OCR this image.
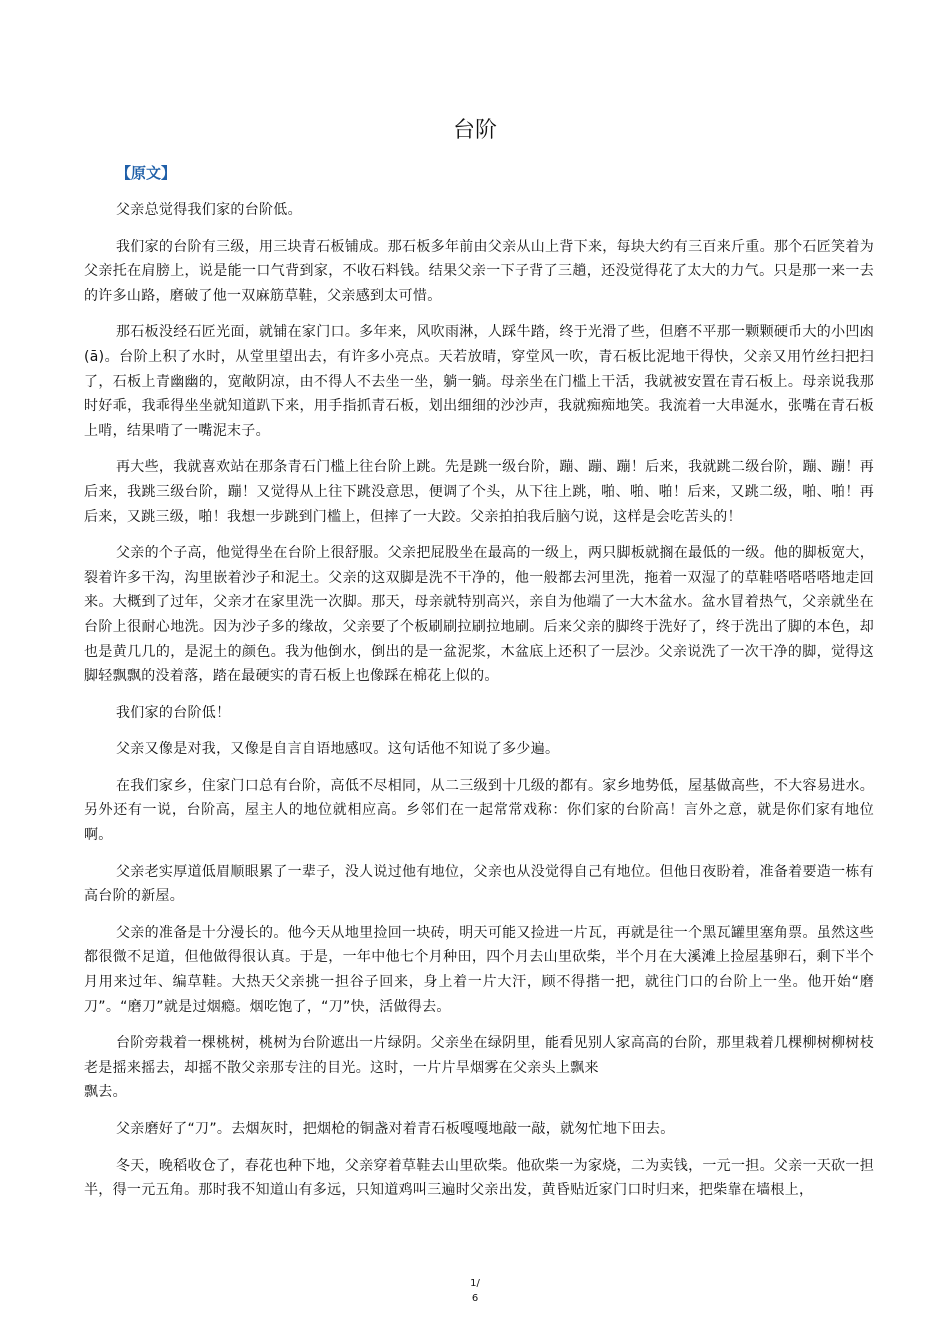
台阶
【原文】

父亲总觉得我们家的台阶低。

我们家的台阶有三级，用三块青石板铺成。那石板多年前由父亲从山上背下来，每块大约有三百来斤重。那个石匠笑着为父亲托在肩膀上，说是能一口气背到家，不收石料钱。结果父亲一下子背了三趟，还没觉得花了太大的力气。只是那一来一去的许多山路，磨破了他一双麻筋草鞋，父亲感到太可惜。

那石板没经石匠光面，就铺在家门口。多年来，风吹雨淋，人踩牛踏，终于光滑了些，但磨不平那一颗颗硬币大的小凹凼(ā)。台阶上积了水时，从堂里望出去，有许多小亮点。天若放晴，穿堂风一吹，青石板比泥地干得快，父亲又用竹丝扫把扫了，石板上青幽幽的，宽敞阴凉，由不得人不去坐一坐，躺一躺。母亲坐在门槛上干活，我就被安置在青石板上。母亲说我那时好乖，我乖得坐坐就知道趴下来，用手指抓青石板，划出细细的沙沙声，我就痴痴地笑。我流着一大串涎水，张嘴在青石板上啃，结果啃了一嘴泥末子。

再大些，我就喜欢站在那条青石门槛上往台阶上跳。先是跳一级台阶，蹦、蹦、蹦！后来，我就跳二级台阶，蹦、蹦！再后来，我跳三级台阶，蹦！又觉得从上往下跳没意思，便调了个头，从下往上跳，啪、啪、啪！后来，又跳二级，啪、啪！再后来，又跳三级，啪！我想一步跳到门槛上，但摔了一大跤。父亲拍拍我后脑勺说，这样是会吃苦头的！

父亲的个子高，他觉得坐在台阶上很舒服。父亲把屁股坐在最高的一级上，两只脚板就搁在最低的一级。他的脚板宽大，裂着许多干沟，沟里嵌着沙子和泥土。父亲的这双脚是洗不干净的，他一般都去河里洗，拖着一双湿了的草鞋嗒嗒嗒嗒地走回来。大概到了过年，父亲才在家里洗一次脚。那天，母亲就特别高兴，亲自为他端了一大木盆水。盆水冒着热气，父亲就坐在台阶上很耐心地洗。因为沙子多的缘故，父亲要了个板刷刷拉刷拉地刷。后来父亲的脚终于洗好了，终于洗出了脚的本色，却也是黄几几的，是泥土的颜色。我为他倒水，倒出的是一盆泥浆，木盆底上还积了一层沙。父亲说洗了一次干净的脚，觉得这脚轻飘飘的没着落，踏在最硬实的青石板上也像踩在棉花上似的。

我们家的台阶低！

父亲又像是对我，又像是自言自语地感叹。这句话他不知说了多少遍。

在我们家乡，住家门口总有台阶，高低不尽相同，从二三级到十几级的都有。家乡地势低，屋基做高些，不大容易进水。另外还有一说，台阶高，屋主人的地位就相应高。乡邻们在一起常常戏称：你们家的台阶高！言外之意，就是你们家有地位啊。

父亲老实厚道低眉顺眼累了一辈子，没人说过他有地位，父亲也从没觉得自己有地位。但他日夜盼着，准备着要造一栋有高台阶的新屋。

父亲的准备是十分漫长的。他今天从地里捡回一块砖，明天可能又捡进一片瓦，再就是往一个黑瓦罐里塞角票。虽然这些都很微不足道，但他做得很认真。于是，一年中他七个月种田，四个月去山里砍柴，半个月在大溪滩上捡屋基卵石，剩下半个月用来过年、编草鞋。大热天父亲挑一担谷子回来，身上着一片大汗，顾不得揩一把，就往门口的台阶上一坐。他开始“磨刀”。“磨刀”就是过烟瘾。烟吃饱了，“刀”快，活做得去。

台阶旁栽着一棵桃树，桃树为台阶遮出一片绿阴。父亲坐在绿阴里，能看见别人家高高的台阶，那里栽着几棵柳树柳树枝老是摇来摇去，却摇不散父亲那专注的目光。这时，一片片旱烟雾在父亲头上飘来

飘去。

父亲磨好了“刀”。去烟灰时，把烟枪的铜盏对着青石板嘎嘎地敲一敲，就匆忙地下田去。

冬天，晚稻收仓了，春花也种下地，父亲穿着草鞋去山里砍柴。他砍柴一为家烧，二为卖钱，一元一担。父亲一天砍一担半，得一元五角。那时我不知道山有多远，只知道鸡叫三遍时父亲出发，黄昏贴近家门口时归来，把柴靠在墙根上，

1/
6
